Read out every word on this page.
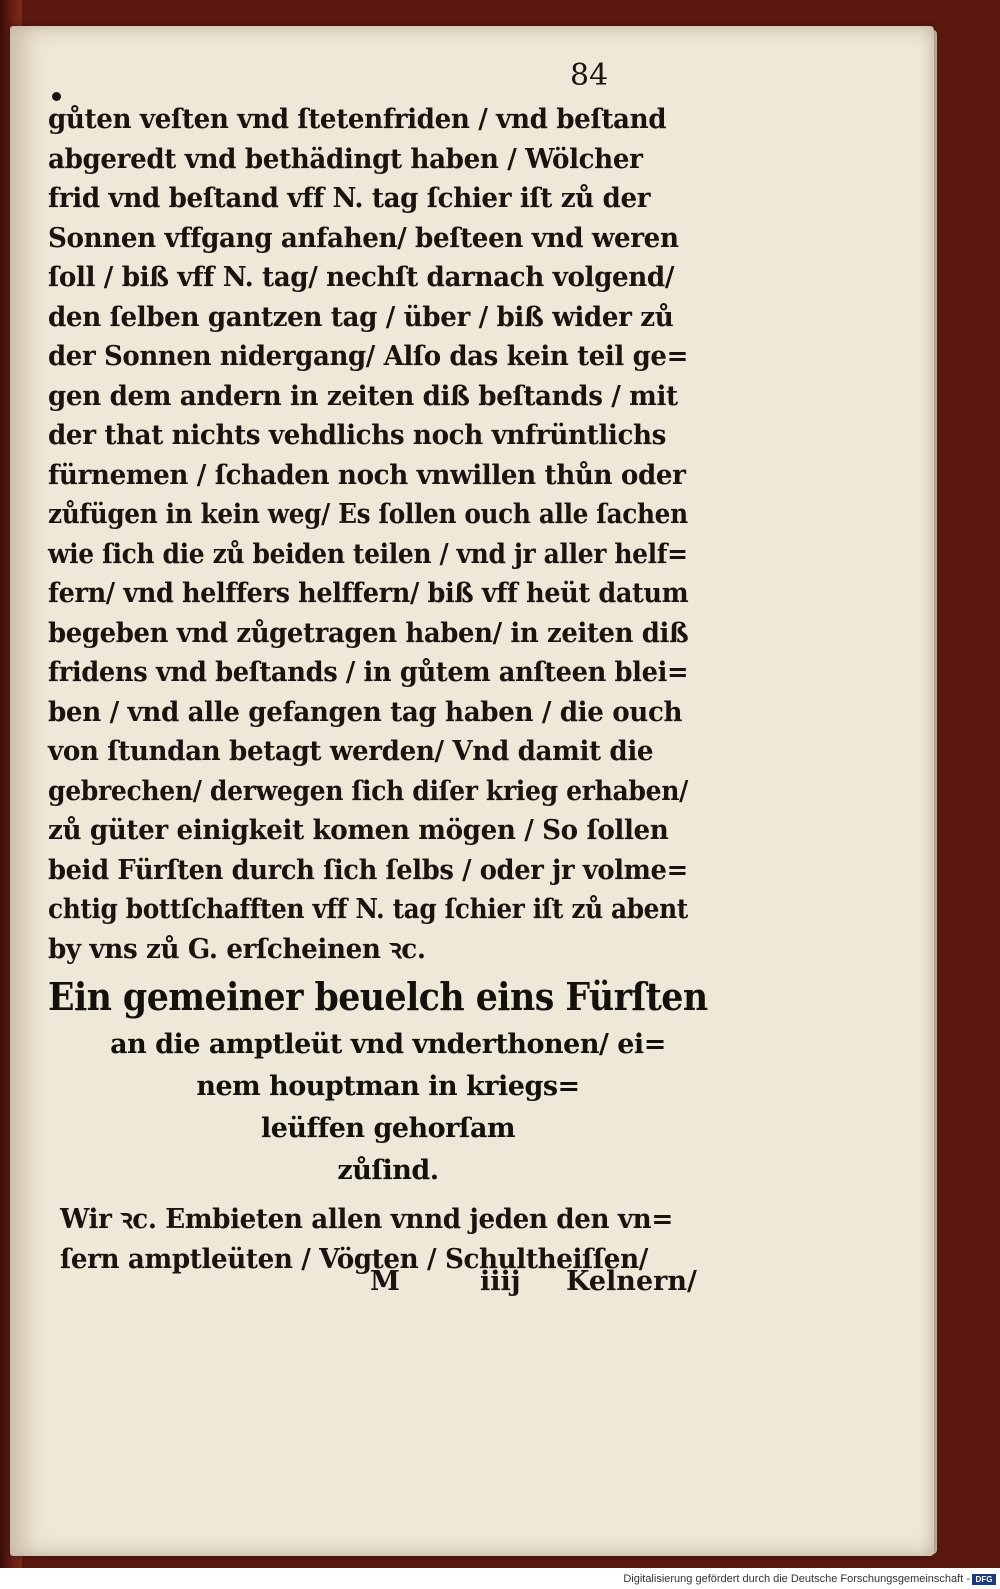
84
gůten veſten vnd ſtetenfriden / vnd beſtand
abgeredt vnd bethädingt haben / Wölcher
frid vnd beſtand vff N. tag ſchier iſt zů der
Sonnen vffgang anfahen/ beſteen vnd weren
ſoll / biß vff N. tag/ nechſt darnach volgend/
den ſelben gantzen tag / über / biß wider zů
der Sonnen nidergang/ Alſo das kein teil ge=
gen dem andern in zeiten diß beſtands / mit
der that nichts vehdlichs noch vnfrüntlichs
fürnemen / ſchaden noch vnwillen thůn oder
zůfügen in kein weg/ Es ſollen ouch alle ſachen
wie ſich die zů beiden teilen / vnd jr aller helf=
fern/ vnd helffers helffern/ biß vff heüt datum
begeben vnd zůgetragen haben/ in zeiten diß
fridens vnd beſtands / in gůtem anſteen blei=
ben / vnd alle gefangen tag haben / die ouch
von ſtundan betagt werden/ Vnd damit die
gebrechen/ derwegen ſich diſer krieg erhaben/
zů güter einigkeit komen mögen / So ſollen
beid Fürſten durch ſich ſelbs / oder jr volme=
chtig bottſchafften vff N. tag ſchier iſt zů abent
by vns zů G. erſcheinen ꝛc.
Ein gemeiner beuelch eins Fürſten
an die amptleüt vnd vnderthonen/ ei=
nem houptman in kriegs=
leüffen gehorſam
zůſind.
Wir ꝛc. Embieten allen vnnd jeden den vn=
ſern amptleüten / Vögten / Schultheiſſen/
M	iiij Kelnern/
Digitalisierung gefördert durch die Deutsche Forschungsgemeinschaft - DFG
